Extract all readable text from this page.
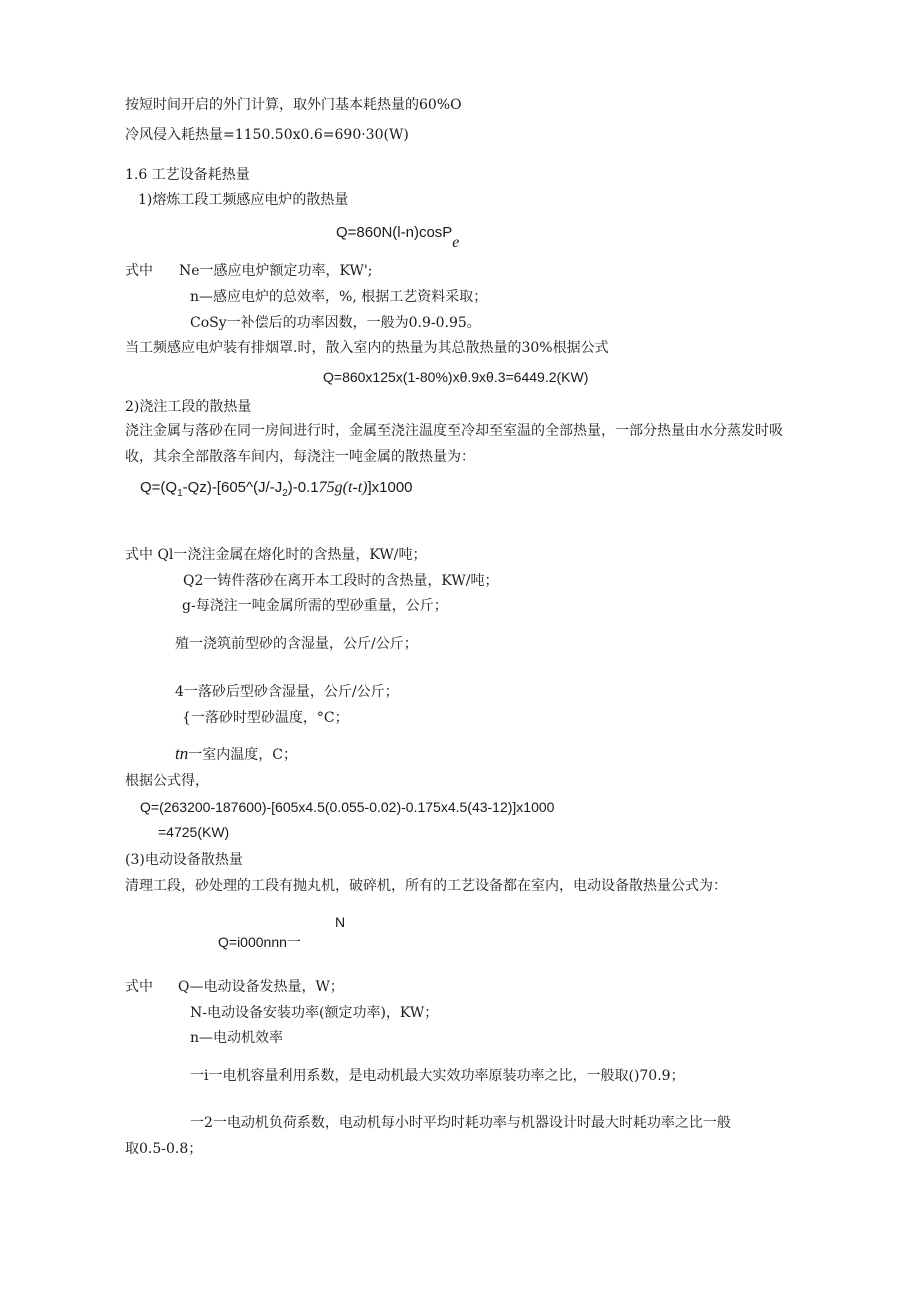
按短时间开启的外门计算，取外门基本耗热量的60%O
冷风侵入耗热量=1150.50x0.6=690·30(W)
1.6 工艺设备耗热量
1)熔炼工段工频感应电炉的散热量
Q=860N(l-n)cosPe
式中 Ne一感应电炉额定功率，KW';
n—感应电炉的总效率，%, 根据工艺资料采取；
CoSy一补偿后的功率因数，一般为0.9-0.95。
当工频感应电炉装有排烟罩.时，散入室内的热量为其总散热量的30%根据公式
Q=860x125x(1-80%)xθ.9xθ.3=6449.2(KW)
2)浇注工段的散热量
浇注金属与落砂在同一房间进行时，金属至浇注温度至冷却至室温的全部热量，一部分热量由水分蒸发时吸收，其余全部散落车间内，每浇注一吨金属的散热量为：
$Q=(Q_1-Qz)-[605\^{}(J/-J_2)-0.175g(t-t)]x1000$
式中 Ql一浇注金属在熔化时的含热量，KW/吨；
Q2一铸件落砂在离开本工段时的含热量，KW/吨；
g-每浇注一吨金属所需的型砂重量，公斤；
殖一浇筑前型砂的含湿量，公斤/公斤；
4一落砂后型砂含湿量，公斤/公斤；
{一落砂时型砂温度，°C；
tn一室内温度，C；
根据公式得，
Q=(263200-187600)-[605x4.5(0.055-0.02)-0.175x4.5(43-12)]x1000
=4725(KW)
(3)电动设备散热量
清理工段，砂处理的工段有抛丸机，破碎机，所有的工艺设备都在室内，电动设备散热量公式为：
N
Q=i000nnn一
式中 Q—电动设备发热量，W；
N-电动设备安装功率(额定功率)，KW；
n—电动机效率
一i一电机容量利用系数，是电动机最大实效功率原装功率之比，一般取()70.9；
一2一电动机负荷系数，电动机每小时平均时耗功率与机器设计时最大时耗功率之比一般
取0.5-0.8；
